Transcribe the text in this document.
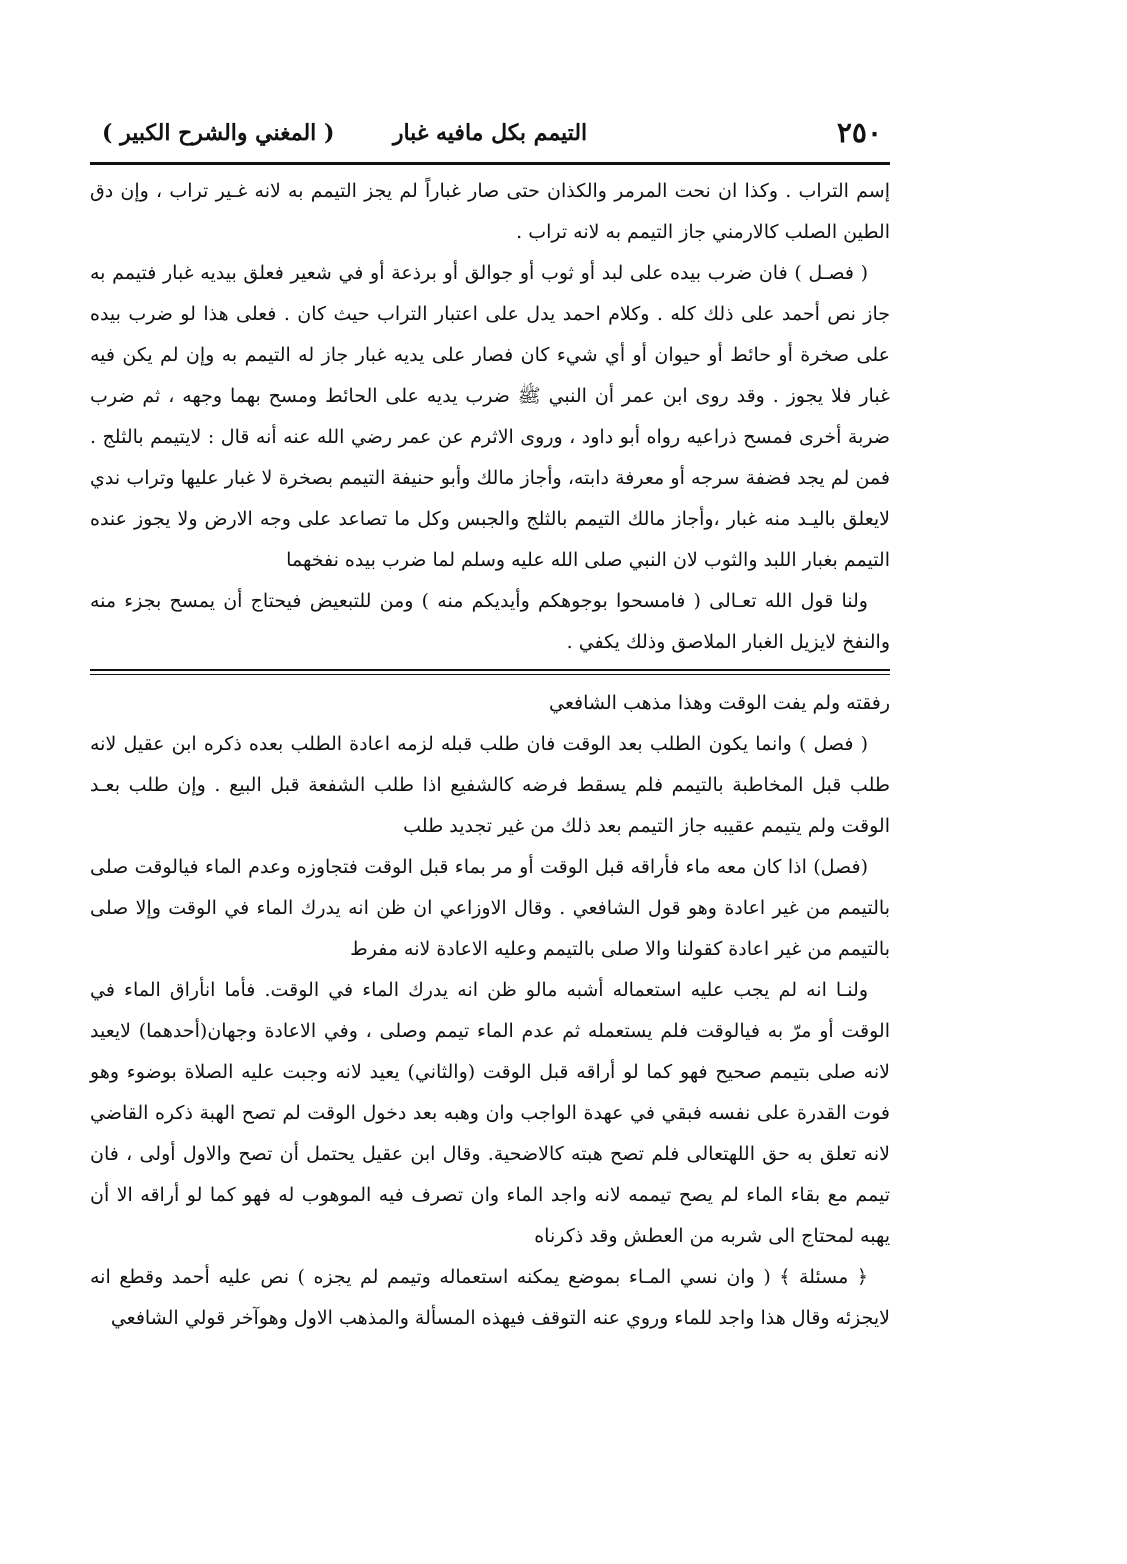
٢٥٠
التيمم بكل مافيه غبار
( المغني والشرح الكبير )

إسم التراب . وكذا ان نحت المرمر والكذان حتى صار غباراً لم يجز التيمم به لانه غـير تراب ، وإن دق الطين الصلب كالارمني جاز التيمم به لانه تراب .

( فصـل ) فان ضرب بيده على لبد أو ثوب أو جوالق أو برذعة أو في شعير فعلق بيديه غبار فتيمم به جاز نص أحمد على ذلك كله . وكلام احمد يدل على اعتبار التراب حيث كان . فعلى هذا لو ضرب بيده على صخرة أو حائط أو حيوان أو أي شيء كان فصار على يديه غبار جاز له التيمم به وإن لم يكن فيه غبار فلا يجوز . وقد روى ابن عمر أن النبي ﷺ ضرب يديه على الحائط ومسح بهما وجهه ، ثم ضرب ضربة أخرى فمسح ذراعيه رواه أبو داود ، وروى الاثرم عن عمر رضي الله عنه أنه قال : لايتيمم بالثلج . فمن لم يجد فضفة سرجه أو معرفة دابته، وأجاز مالك وأبو حنيفة التيمم بصخرة لا غبار عليها وتراب ندي لايعلق باليـد منه غبار ،وأجاز مالك التيمم بالثلج والجبس وكل ما تصاعد على وجه الارض ولا يجوز عنده التيمم بغبار اللبد والثوب لان النبي صلى الله عليه وسلم لما ضرب بيده نفخهما

ولنا قول الله تعـالى ( فامسحوا بوجوهكم وأيديكم منه ) ومن للتبعيض فيحتاج أن يمسح بجزء منه والنفخ لايزيل الغبار الملاصق وذلك يكفي .

رفقته ولم يفت الوقت وهذا مذهب الشافعي

( فصل ) وانما يكون الطلب بعد الوقت فان طلب قبله لزمه اعادة الطلب بعده ذكره ابن عقيل لانه طلب قبل المخاطبة بالتيمم فلم يسقط فرضه كالشفيع اذا طلب الشفعة قبل البيع . وإن طلب بعـد الوقت ولم يتيمم عقيبه جاز التيمم بعد ذلك من غير تجديد طلب

(فصل) اذا كان معه ماء فأراقه قبل الوقت أو مر بماء قبل الوقت فتجاوزه وعدم الماء فيالوقت صلى بالتيمم من غير اعادة وهو قول الشافعي . وقال الاوزاعي ان ظن انه يدرك الماء في الوقت وإلا صلى بالتيمم من غير اعادة كقولنا والا صلى بالتيمم وعليه الاعادة لانه مفرط

ولنـا انه لم يجب عليه استعماله أشبه مالو ظن انه يدرك الماء في الوقت. فأما انأراق الماء في الوقت أو مرّ به فيالوقت فلم يستعمله ثم عدم الماء تيمم وصلى ، وفي الاعادة وجهان(أحدهما) لايعيد لانه صلى بتيمم صحيح فهو كما لو أراقه قبل الوقت (والثاني) يعيد لانه وجبت عليه الصلاة بوضوء وهو فوت القدرة على نفسه فبقي في عهدة الواجب وان وهبه بعد دخول الوقت لم تصح الهبة ذكره القاضي لانه تعلق به حق اللهتعالى فلم تصح هبته كالاضحية. وقال ابن عقيل يحتمل أن تصح والاول أولى ، فان تيمم مع بقاء الماء لم يصح تيممه لانه واجد الماء وان تصرف فيه الموهوب له فهو كما لو أراقه الا أن يهبه لمحتاج الى شربه من العطش وقد ذكرناه

﴿ مسئلة ﴾ ( وان نسي المـاء بموضع يمكنه استعماله وتيمم لم يجزه ) نص عليه أحمد وقطع انه لايجزئه وقال هذا واجد للماء وروي عنه التوقف فيهذه المسألة والمذهب الاول وهوآخر قولي الشافعي
